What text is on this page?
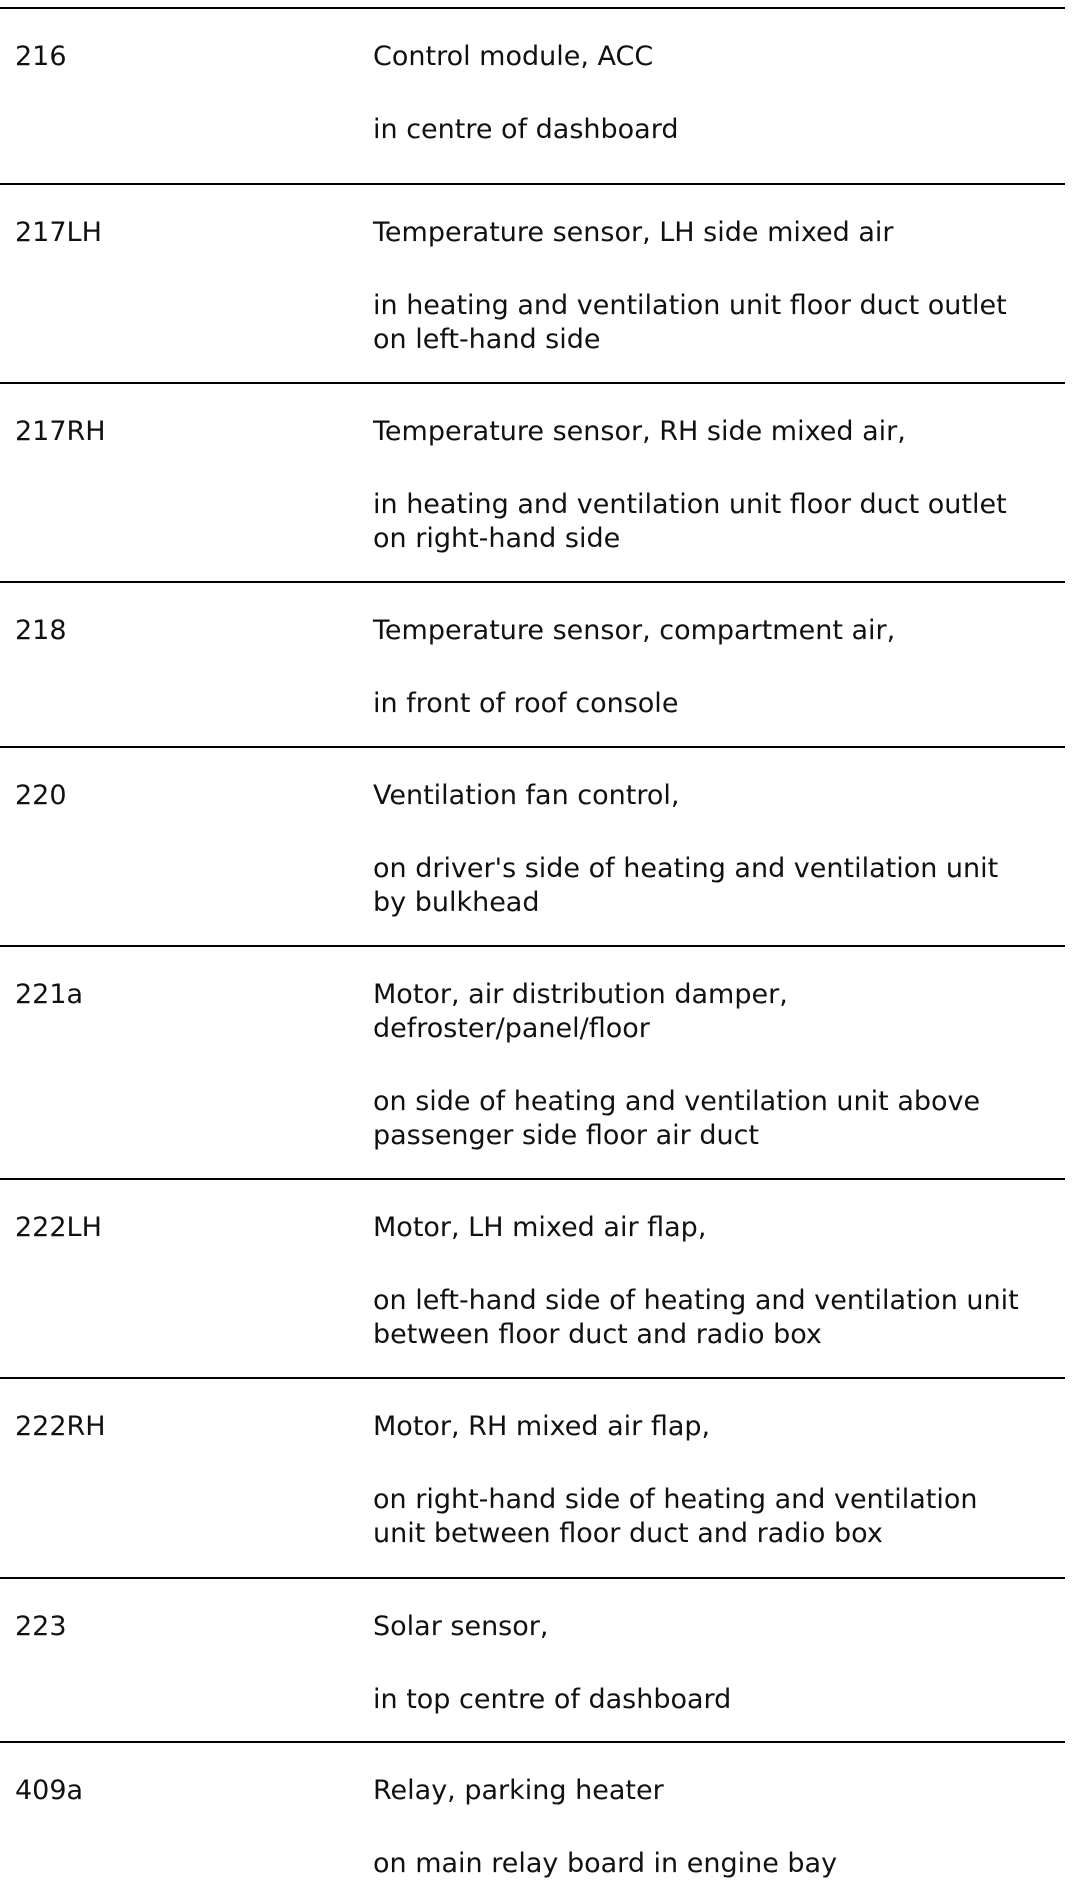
216	Control module, ACC
in centre of dashboard
217LH	Temperature sensor, LH side mixed air
in heating and ventilation unit floor duct outlet
on left-hand side
217RH	Temperature sensor, RH side mixed air,
in heating and ventilation unit floor duct outlet
on right-hand side
218	Temperature sensor, compartment air,
in front of roof console
220	Ventilation fan control,
on driver's side of heating and ventilation unit
by bulkhead
221a	Motor, air distribution damper,
defroster/panel/floor
on side of heating and ventilation unit above
passenger side floor air duct
222LH	Motor, LH mixed air flap,
on left-hand side of heating and ventilation unit
between floor duct and radio box
222RH	Motor, RH mixed air flap,
on right-hand side of heating and ventilation
unit between floor duct and radio box
223	Solar sensor,
in top centre of dashboard
409a	Relay, parking heater
on main relay board in engine bay
